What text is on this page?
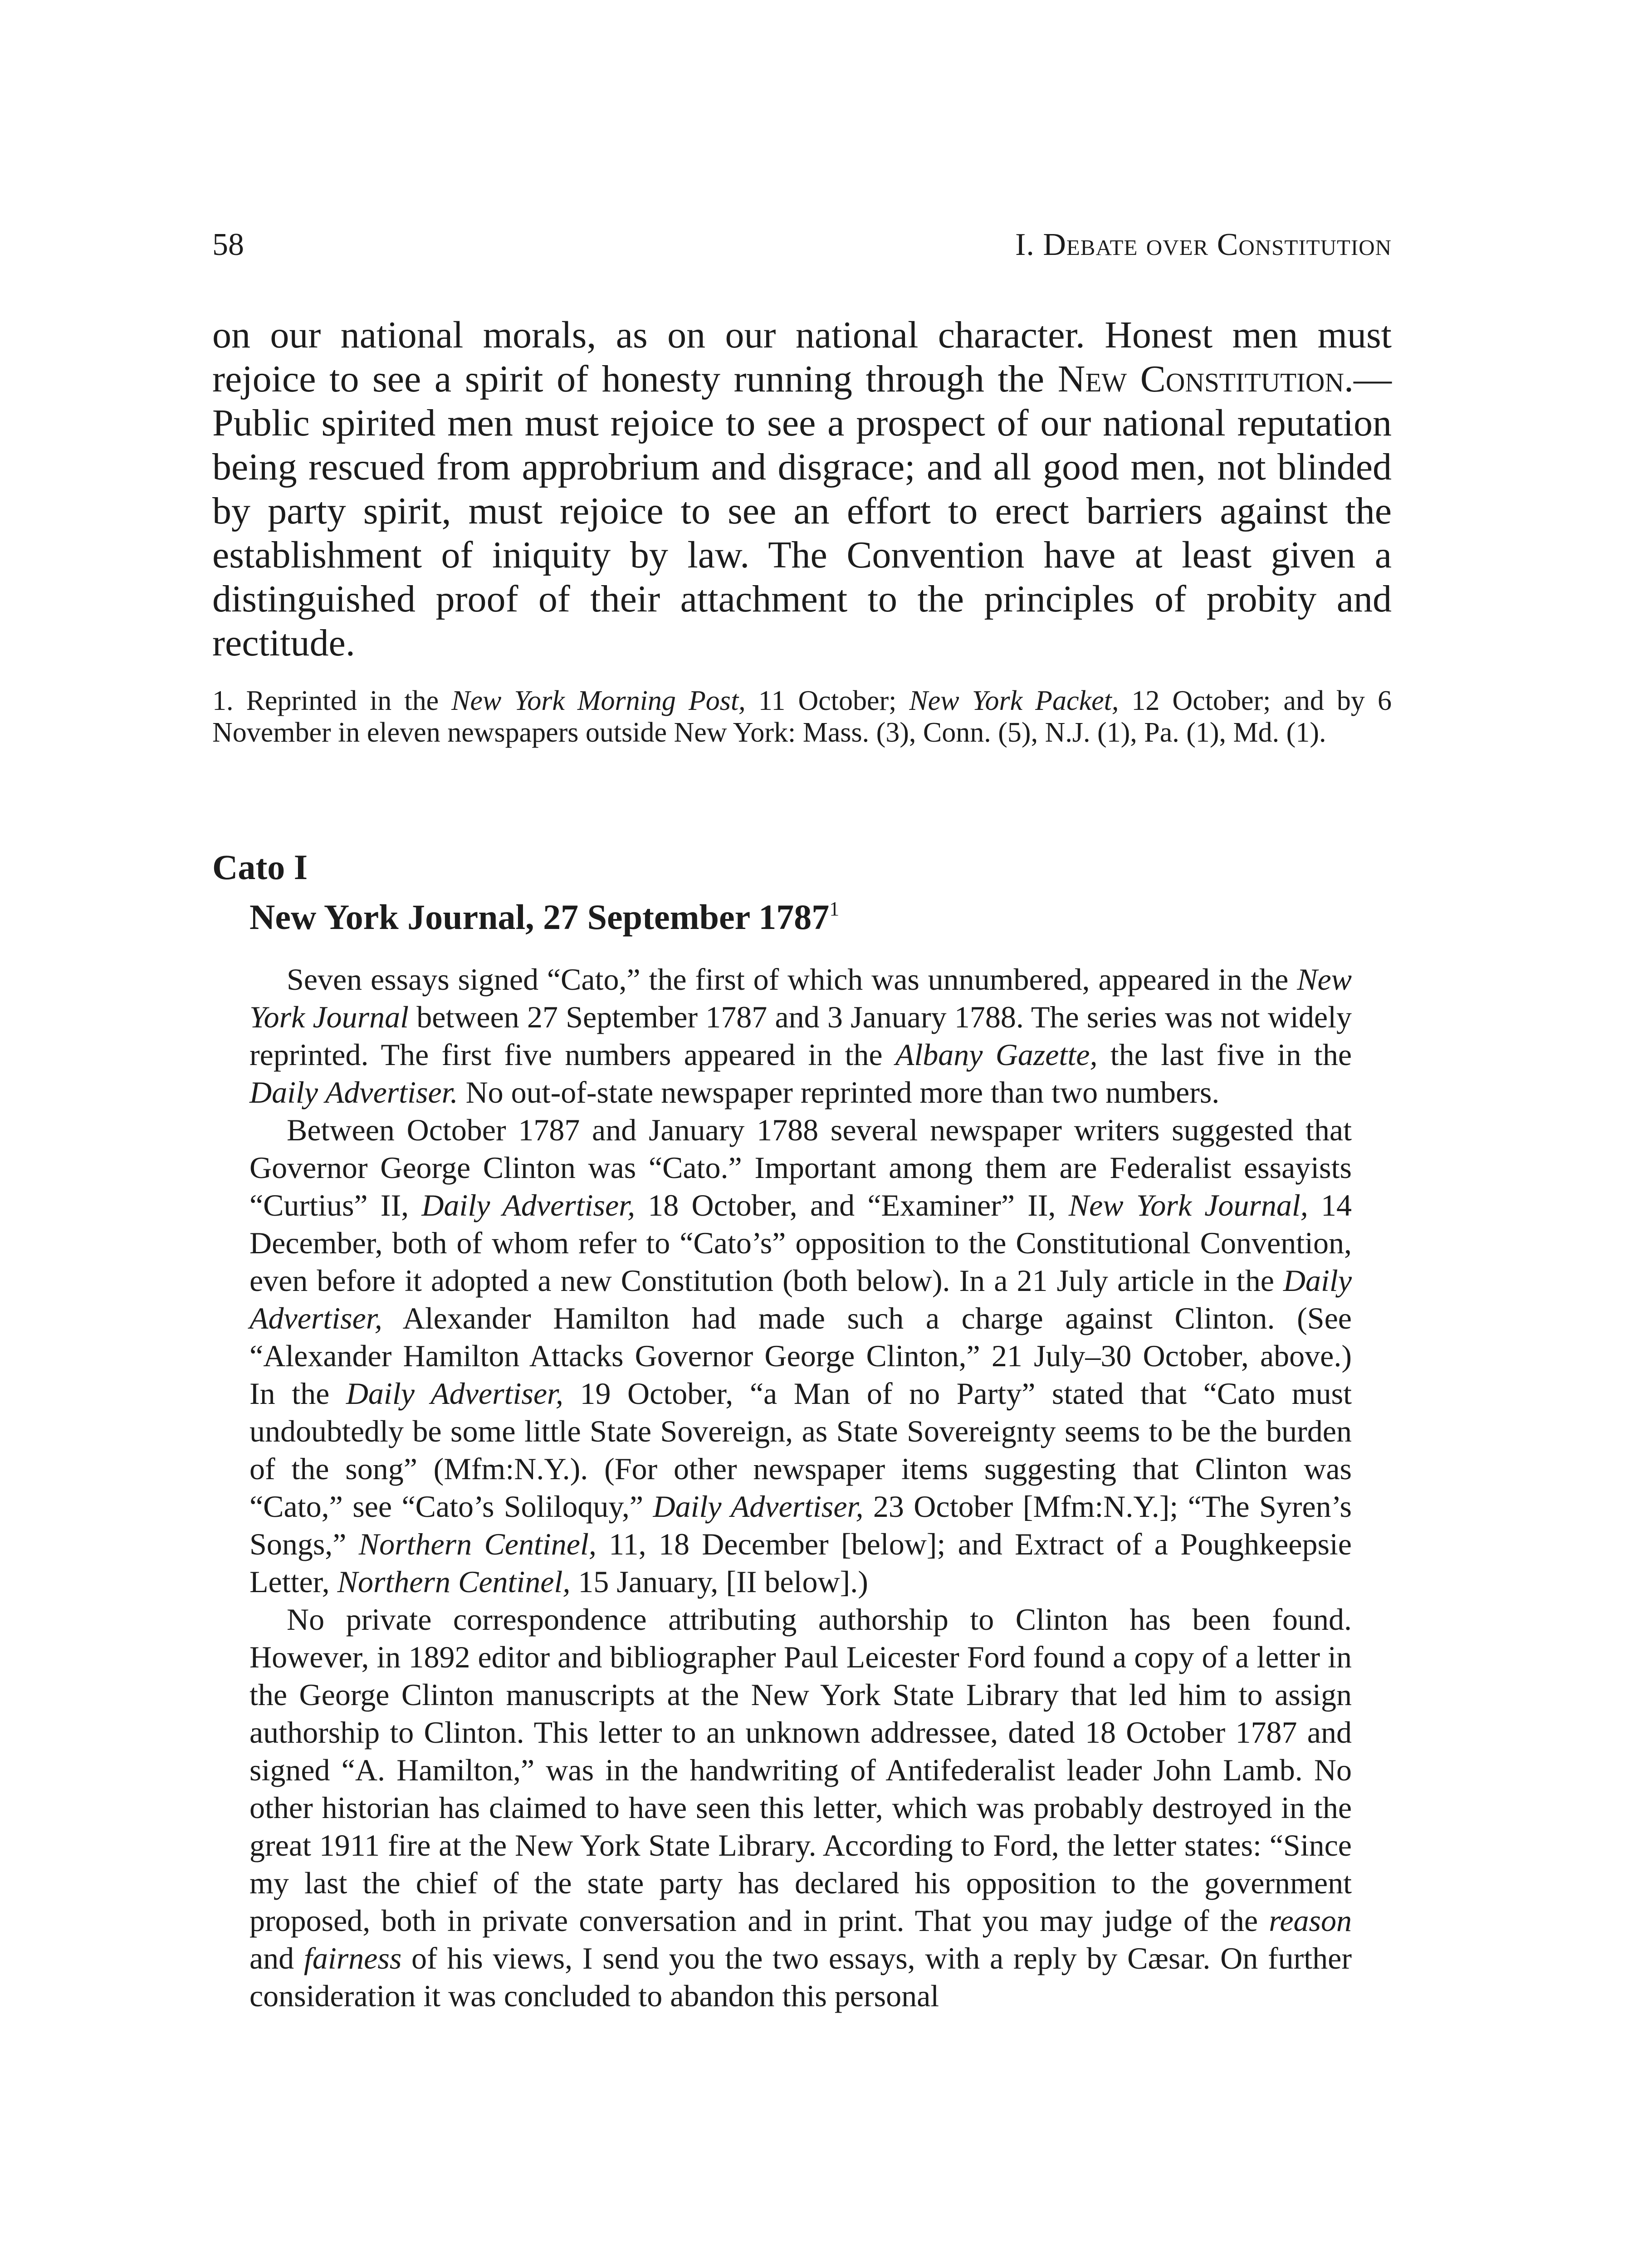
58	I. Debate over Constitution
on our national morals, as on our national character. Honest men must rejoice to see a spirit of honesty running through the New Constitution.—Public spirited men must rejoice to see a prospect of our national reputation being rescued from approbrium and disgrace; and all good men, not blinded by party spirit, must rejoice to see an effort to erect barriers against the establishment of iniquity by law. The Convention have at least given a distinguished proof of their attachment to the principles of probity and rectitude.

1. Reprinted in the New York Morning Post, 11 October; New York Packet, 12 October; and by 6 November in eleven newspapers outside New York: Mass. (3), Conn. (5), N.J. (1), Pa. (1), Md. (1).

Cato I
New York Journal, 27 September 1787$^1$

Seven essays signed “Cato,” the first of which was unnumbered, appeared in the New York Journal between 27 September 1787 and 3 January 1788. The series was not widely reprinted. The first five numbers appeared in the Albany Gazette, the last five in the Daily Advertiser. No out-of-state newspaper reprinted more than two numbers.

Between October 1787 and January 1788 several newspaper writers suggested that Governor George Clinton was “Cato.” Important among them are Federalist essayists “Curtius” II, Daily Advertiser, 18 October, and “Examiner” II, New York Journal, 14 December, both of whom refer to “Cato’s” opposition to the Constitutional Convention, even before it adopted a new Constitution (both below). In a 21 July article in the Daily Advertiser, Alexander Hamilton had made such a charge against Clinton. (See “Alexander Hamilton Attacks Governor George Clinton,” 21 July–30 October, above.) In the Daily Advertiser, 19 October, “a Man of no Party” stated that “Cato must undoubtedly be some little State Sovereign, as State Sovereignty seems to be the burden of the song” (Mfm:N.Y.). (For other newspaper items suggesting that Clinton was “Cato,” see “Cato’s Soliloquy,” Daily Advertiser, 23 October [Mfm:N.Y.]; “The Syren’s Songs,” Northern Centinel, 11, 18 December [below]; and Extract of a Poughkeepsie Letter, Northern Centinel, 15 January, [II below].)

No private correspondence attributing authorship to Clinton has been found. However, in 1892 editor and bibliographer Paul Leicester Ford found a copy of a letter in the George Clinton manuscripts at the New York State Library that led him to assign authorship to Clinton. This letter to an unknown addressee, dated 18 October 1787 and signed “A. Hamilton,” was in the handwriting of Antifederalist leader John Lamb. No other historian has claimed to have seen this letter, which was probably destroyed in the great 1911 fire at the New York State Library. According to Ford, the letter states: “Since my last the chief of the state party has declared his opposition to the government proposed, both in private conversation and in print. That you may judge of the reason and fairness of his views, I send you the two essays, with a reply by Cæsar. On further consideration it was concluded to abandon this personal
